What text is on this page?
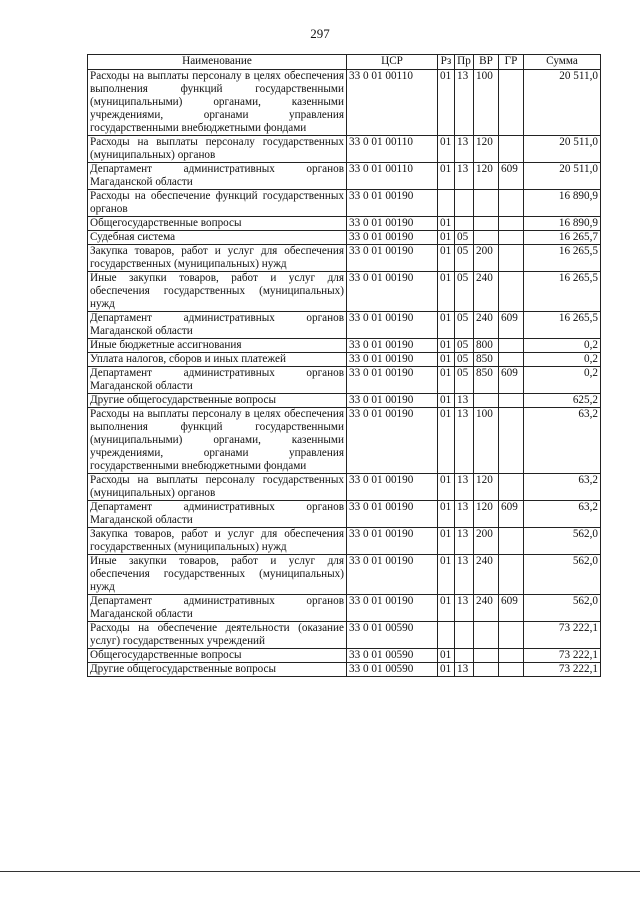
297
Наименование	ЦСР	Рз	Пр	ВР	ГР	Сумма
Расходы на выплаты персоналу в целях обеспечения выполнения функций государственными (муниципальными) органами, казенными учреждениями, органами управления государственными внебюджетными фондами	33 0 01 00110	01	13	100		20 511,0
Расходы на выплаты персоналу государственных (муниципальных) органов	33 0 01 00110	01	13	120		20 511,0
Департамент административных органов Магаданской области	33 0 01 00110	01	13	120	609	20 511,0
Расходы на обеспечение функций государственных органов	33 0 01 00190					16 890,9
Общегосударственные вопросы	33 0 01 00190	01				16 890,9
Судебная система	33 0 01 00190	01	05			16 265,7
Закупка товаров, работ и услуг для обеспечения государственных (муниципальных) нужд	33 0 01 00190	01	05	200		16 265,5
Иные закупки товаров, работ и услуг для обеспечения государственных (муниципальных) нужд	33 0 01 00190	01	05	240		16 265,5
Департамент административных органов Магаданской области	33 0 01 00190	01	05	240	609	16 265,5
Иные бюджетные ассигнования	33 0 01 00190	01	05	800		0,2
Уплата налогов, сборов и иных платежей	33 0 01 00190	01	05	850		0,2
Департамент административных органов Магаданской области	33 0 01 00190	01	05	850	609	0,2
Другие общегосударственные вопросы	33 0 01 00190	01	13			625,2
Расходы на выплаты персоналу в целях обеспечения выполнения функций государственными (муниципальными) органами, казенными учреждениями, органами управления государственными внебюджетными фондами	33 0 01 00190	01	13	100		63,2
Расходы на выплаты персоналу государственных (муниципальных) органов	33 0 01 00190	01	13	120		63,2
Департамент административных органов Магаданской области	33 0 01 00190	01	13	120	609	63,2
Закупка товаров, работ и услуг для обеспечения государственных (муниципальных) нужд	33 0 01 00190	01	13	200		562,0
Иные закупки товаров, работ и услуг для обеспечения государственных (муниципальных) нужд	33 0 01 00190	01	13	240		562,0
Департамент административных органов Магаданской области	33 0 01 00190	01	13	240	609	562,0
Расходы на обеспечение деятельности (оказание услуг) государственных учреждений	33 0 01 00590					73 222,1
Общегосударственные вопросы	33 0 01 00590	01				73 222,1
Другие общегосударственные вопросы	33 0 01 00590	01	13			73 222,1
